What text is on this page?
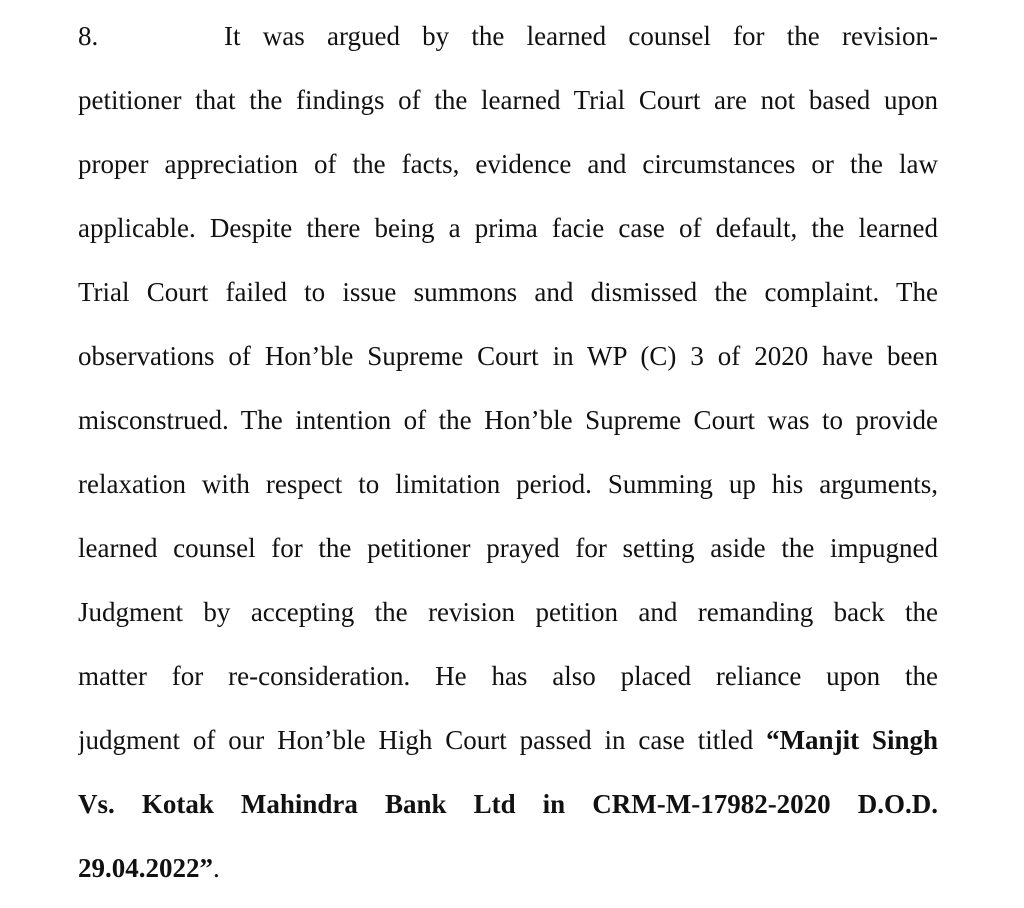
8.	It was argued by the learned counsel for the revision-
petitioner that the findings of the learned Trial Court are not based upon
proper appreciation of the facts, evidence and circumstances or the law
applicable. Despite there being a prima facie case of default, the learned
Trial Court failed to issue summons and dismissed the complaint. The
observations of Hon’ble Supreme Court in WP (C) 3 of 2020 have been
misconstrued. The intention of the Hon’ble Supreme Court was to provide
relaxation with respect to limitation period. Summing up his arguments,
learned counsel for the petitioner prayed for setting aside the impugned
Judgment by accepting the revision petition and remanding back the
matter for re-consideration. He has also placed reliance upon the
judgment of our Hon’ble High Court passed in case titled “Manjit Singh
Vs. Kotak Mahindra Bank Ltd in CRM-M-17982-2020 D.O.D.
29.04.2022”.
